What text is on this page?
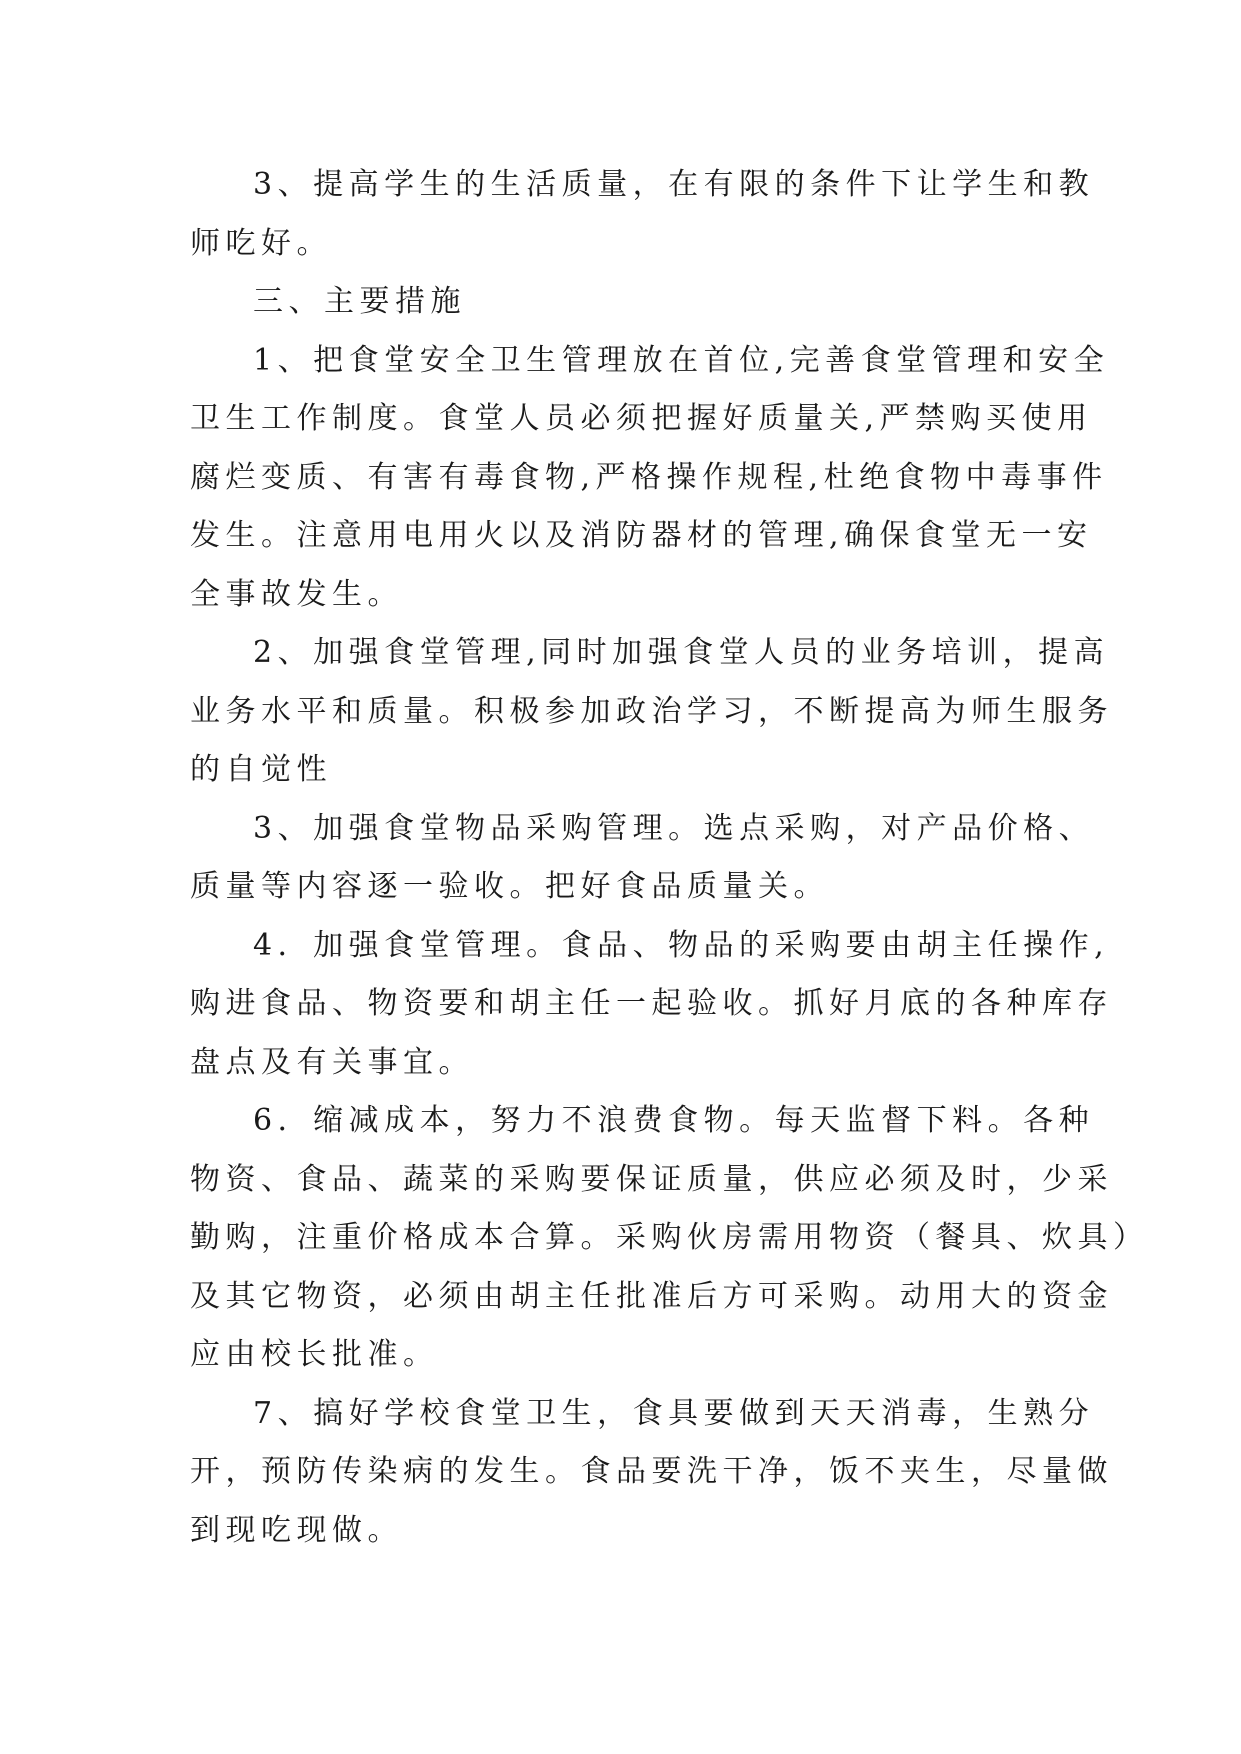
3、提高学生的生活质量，在有限的条件下让学生和教
师吃好。
三、主要措施
1、把食堂安全卫生管理放在首位,完善食堂管理和安全
卫生工作制度。食堂人员必须把握好质量关,严禁购买使用
腐烂变质、有害有毒食物,严格操作规程,杜绝食物中毒事件
发生。注意用电用火以及消防器材的管理,确保食堂无一安
全事故发生。
2、加强食堂管理,同时加强食堂人员的业务培训，提高
业务水平和质量。积极参加政治学习，不断提高为师生服务
的自觉性
3、加强食堂物品采购管理。选点采购，对产品价格、
质量等内容逐一验收。把好食品质量关。
4．加强食堂管理。食品、物品的采购要由胡主任操作,
购进食品、物资要和胡主任一起验收。抓好月底的各种库存
盘点及有关事宜。
6．缩减成本，努力不浪费食物。每天监督下料。各种
物资、食品、蔬菜的采购要保证质量，供应必须及时，少采
勤购，注重价格成本合算。采购伙房需用物资（餐具、炊具）
及其它物资，必须由胡主任批准后方可采购。动用大的资金
应由校长批准。
7、搞好学校食堂卫生，食具要做到天天消毒，生熟分
开，预防传染病的发生。食品要洗干净，饭不夹生，尽量做
到现吃现做。
